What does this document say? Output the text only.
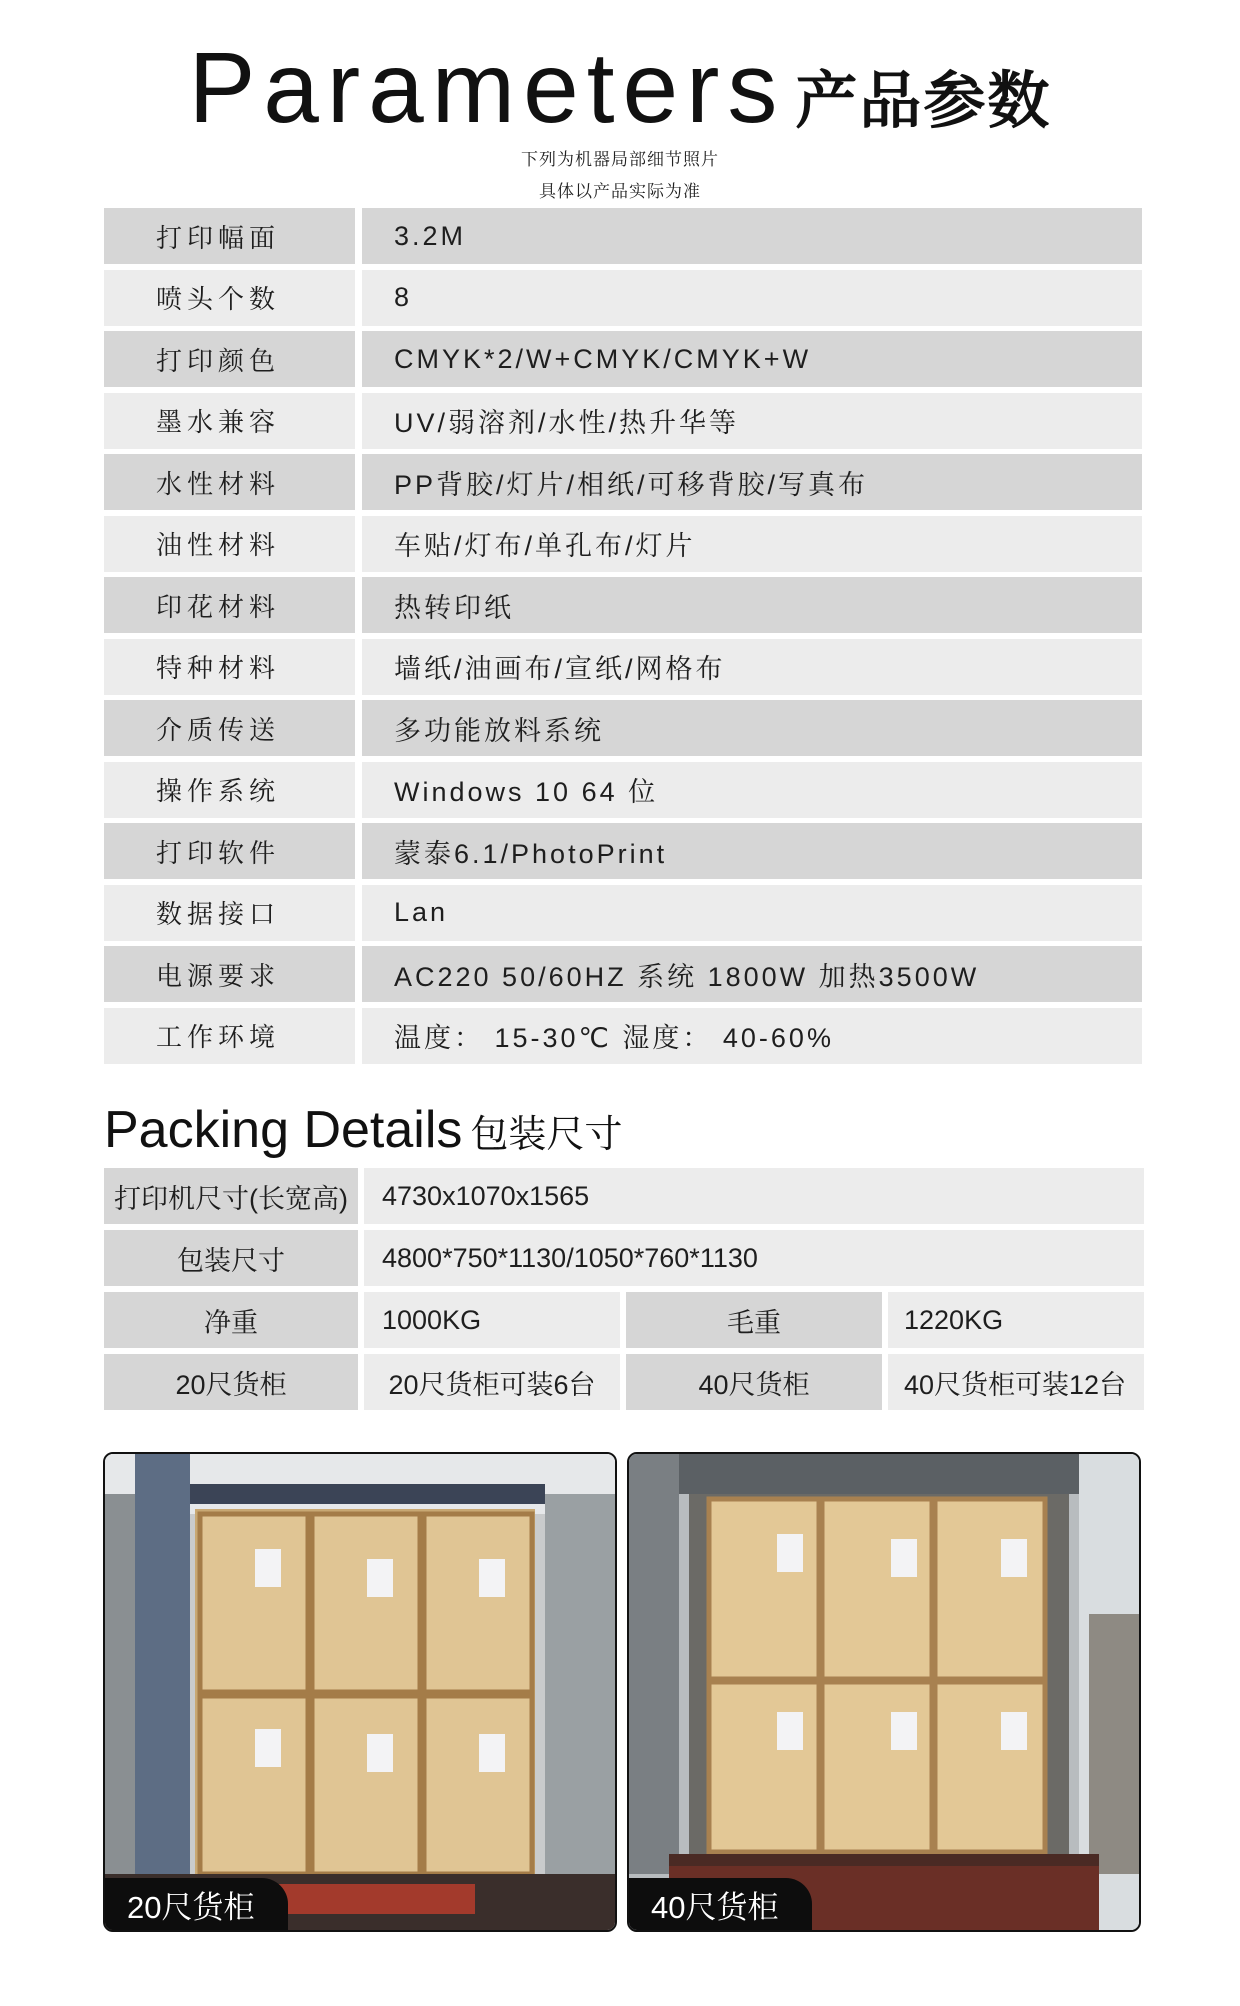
Parameters 产品参数
下列为机器局部细节照片
具体以产品实际为准
打印幅面	3.2M
喷头个数	8
打印颜色	CMYK*2/W+CMYK/CMYK+W
墨水兼容	UV/弱溶剂/水性/热升华等
水性材料	PP背胶/灯片/相纸/可移背胶/写真布
油性材料	车贴/灯布/单孔布/灯片
印花材料	热转印纸
特种材料	墙纸/油画布/宣纸/网格布
介质传送	多功能放料系统
操作系统	Windows 10 64 位
打印软件	蒙泰6.1/PhotoPrint
数据接口	Lan
电源要求	AC220 50/60HZ 系统 1800W 加热3500W
工作环境	温度： 15-30℃ 湿度： 40-60%
Packing Details 包装尺寸
打印机尺寸(长宽高)	4730x1070x1565
包装尺寸	4800*750*1130/1050*760*1130
净重	1000KG	毛重	1220KG
20尺货柜	20尺货柜可装6台	40尺货柜	40尺货柜可装12台
20尺货柜	40尺货柜
